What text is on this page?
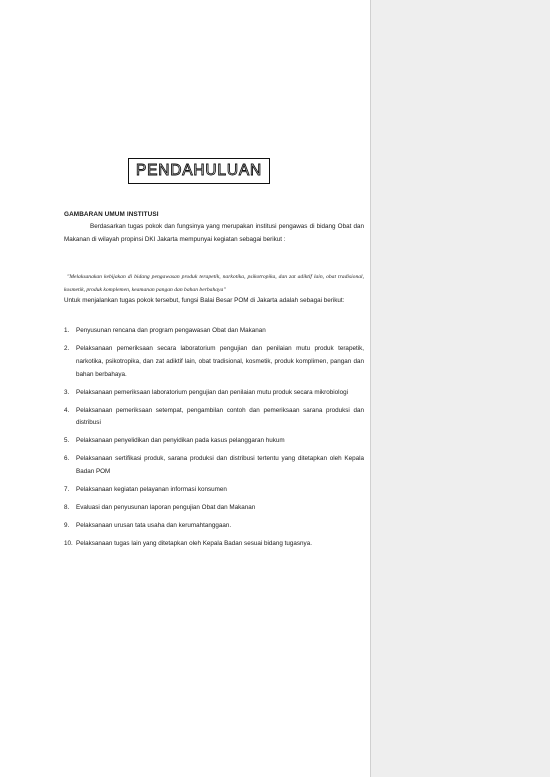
PENDAHULUAN
GAMBARAN UMUM INSTITUSI

Berdasarkan tugas pokok dan fungsinya yang merupakan institusi pengawas di bidang Obat dan Makanan di wilayah propinsi DKI Jakarta mempunyai kegiatan sebagai berikut :

"Melaksanakan kebijakan di bidang pengawasan produk terapetik, narkotika, psikotropika, dan zat adiktif lain, obat tradisional, kosmetik, produk komplemen, keamanan pangan dan bahan berbahaya"

Untuk menjalankan tugas pokok tersebut, fungsi Balai Besar POM di Jakarta adalah sebagai berikut:

1. Penyusunan rencana dan program pengawasan Obat dan Makanan
2. Pelaksanaan pemeriksaan secara laboratorium pengujian dan penilaian mutu produk terapetik, narkotika, psikotropika, dan zat adiktif lain, obat tradisional, kosmetik, produk komplimen, pangan dan bahan berbahaya.
3. Pelaksanaan pemeriksaan laboratorium pengujian dan penilaian mutu produk secara mikrobiologi
4. Pelaksanaan pemeriksaan setempat, pengambilan contoh dan pemeriksaan sarana produksi dan distribusi
5. Pelaksanaan penyelidikan dan penyidikan pada kasus pelanggaran hukum
6. Pelaksanaan sertifikasi produk, sarana produksi dan distribusi tertentu yang ditetapkan oleh Kepala Badan POM
7. Pelaksanaan kegiatan pelayanan informasi konsumen
8. Evaluasi dan penyusunan laporan pengujian Obat dan Makanan
9. Pelaksanaan urusan tata usaha dan kerumahtanggaan.
10. Pelaksanaan tugas lain yang ditetapkan oleh Kepala Badan sesuai bidang tugasnya.
